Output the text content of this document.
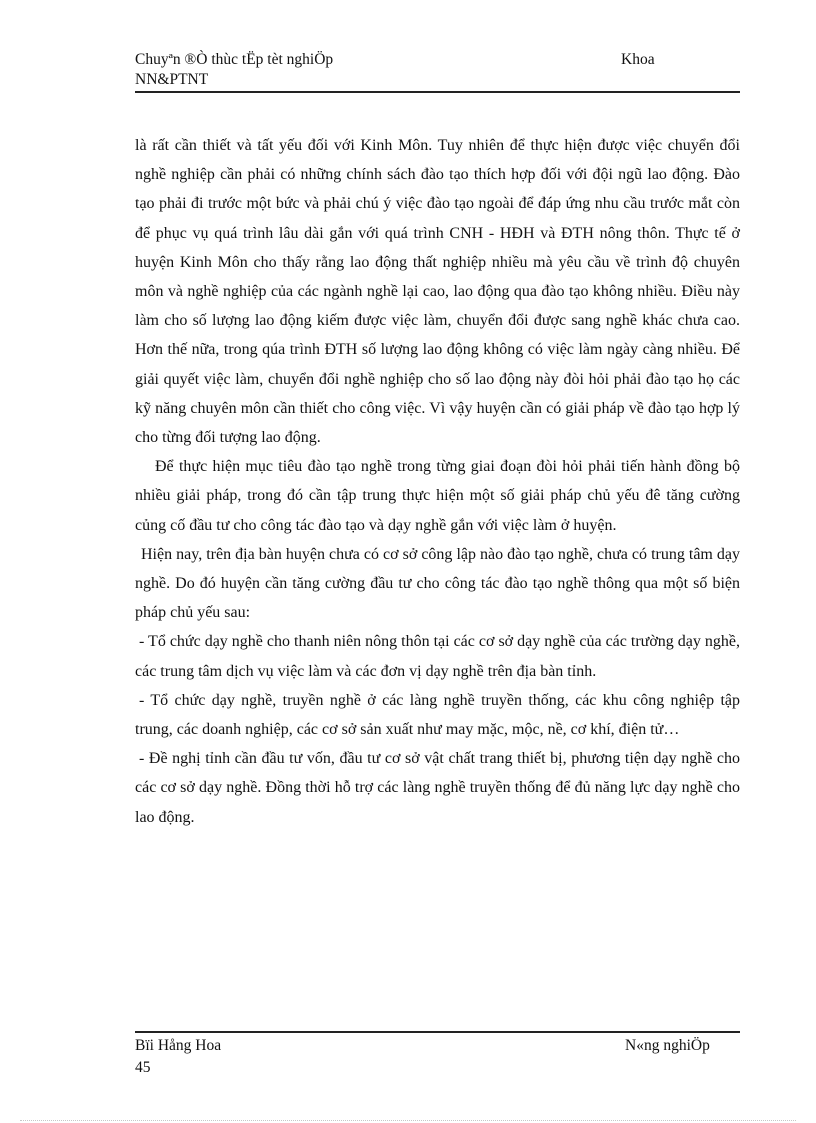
Chuyªn ®Ò thùc tËp tèt nghiÖp	Khoa
NN&PTNT

là rất cần thiết và tất yếu đối với Kinh Môn. Tuy nhiên để thực hiện được việc chuyển đổi nghề nghiệp cần phải có những chính sách đào tạo thích hợp đối với đội ngũ lao động. Đào tạo phải đi trước một bức và phải chú ý việc đào tạo ngoài để đáp ứng nhu cầu trước mắt còn để phục vụ quá trình lâu dài gắn với quá trình CNH - HĐH và ĐTH nông thôn. Thực tế ở huyện Kinh Môn cho thấy rằng lao động thất nghiệp nhiều mà yêu cầu về trình độ chuyên môn và nghề nghiệp của các ngành nghề lại cao, lao động qua đào tạo không nhiều. Điều này làm cho số lượng lao động kiếm được việc làm, chuyển đổi được sang nghề khác chưa cao. Hơn thế nữa, trong qúa trình ĐTH số lượng lao động không có việc làm ngày càng nhiều. Để giải quyết việc làm, chuyển đổi nghề nghiệp cho số lao động này đòi hỏi phải đào tạo họ các kỹ năng chuyên môn cần thiết cho công việc. Vì vậy huyện cần có giải pháp về đào tạo hợp lý cho từng đối tượng lao động.

Để thực hiện mục tiêu đào tạo nghề trong từng giai đoạn đòi hỏi phải tiến hành đồng bộ nhiều giải pháp, trong đó cần tập trung thực hiện một số giải pháp chủ yếu đê tăng cường củng cố đầu tư cho công tác đào tạo và dạy nghề gắn với việc làm ở huyện.

Hiện nay, trên địa bàn huyện chưa có cơ sở công lập nào đào tạo nghề, chưa có trung tâm dạy nghề. Do đó huyện cần tăng cường đầu tư cho công tác đào tạo nghề thông qua một số biện pháp chủ yếu sau:

- Tổ chức dạy nghề cho thanh niên nông thôn tại các cơ sở dạy nghề của các trường dạy nghề, các trung tâm dịch vụ việc làm và các đơn vị dạy nghề trên địa bàn tỉnh.

- Tổ chức dạy nghề, truyền nghề ở các làng nghề truyền thống, các khu công nghiệp tập trung, các doanh nghiệp, các cơ sở sản xuất như may mặc, mộc, nề, cơ khí, điện tử…

- Đề nghị tỉnh cần đầu tư vốn, đầu tư cơ sở vật chất trang thiết bị, phương tiện dạy nghề cho các cơ sở dạy nghề. Đồng thời hỗ trợ các làng nghề truyền thống để đủ năng lực dạy nghề cho lao động.

Bïi Hång Hoa	N«ng nghiÖp
45
